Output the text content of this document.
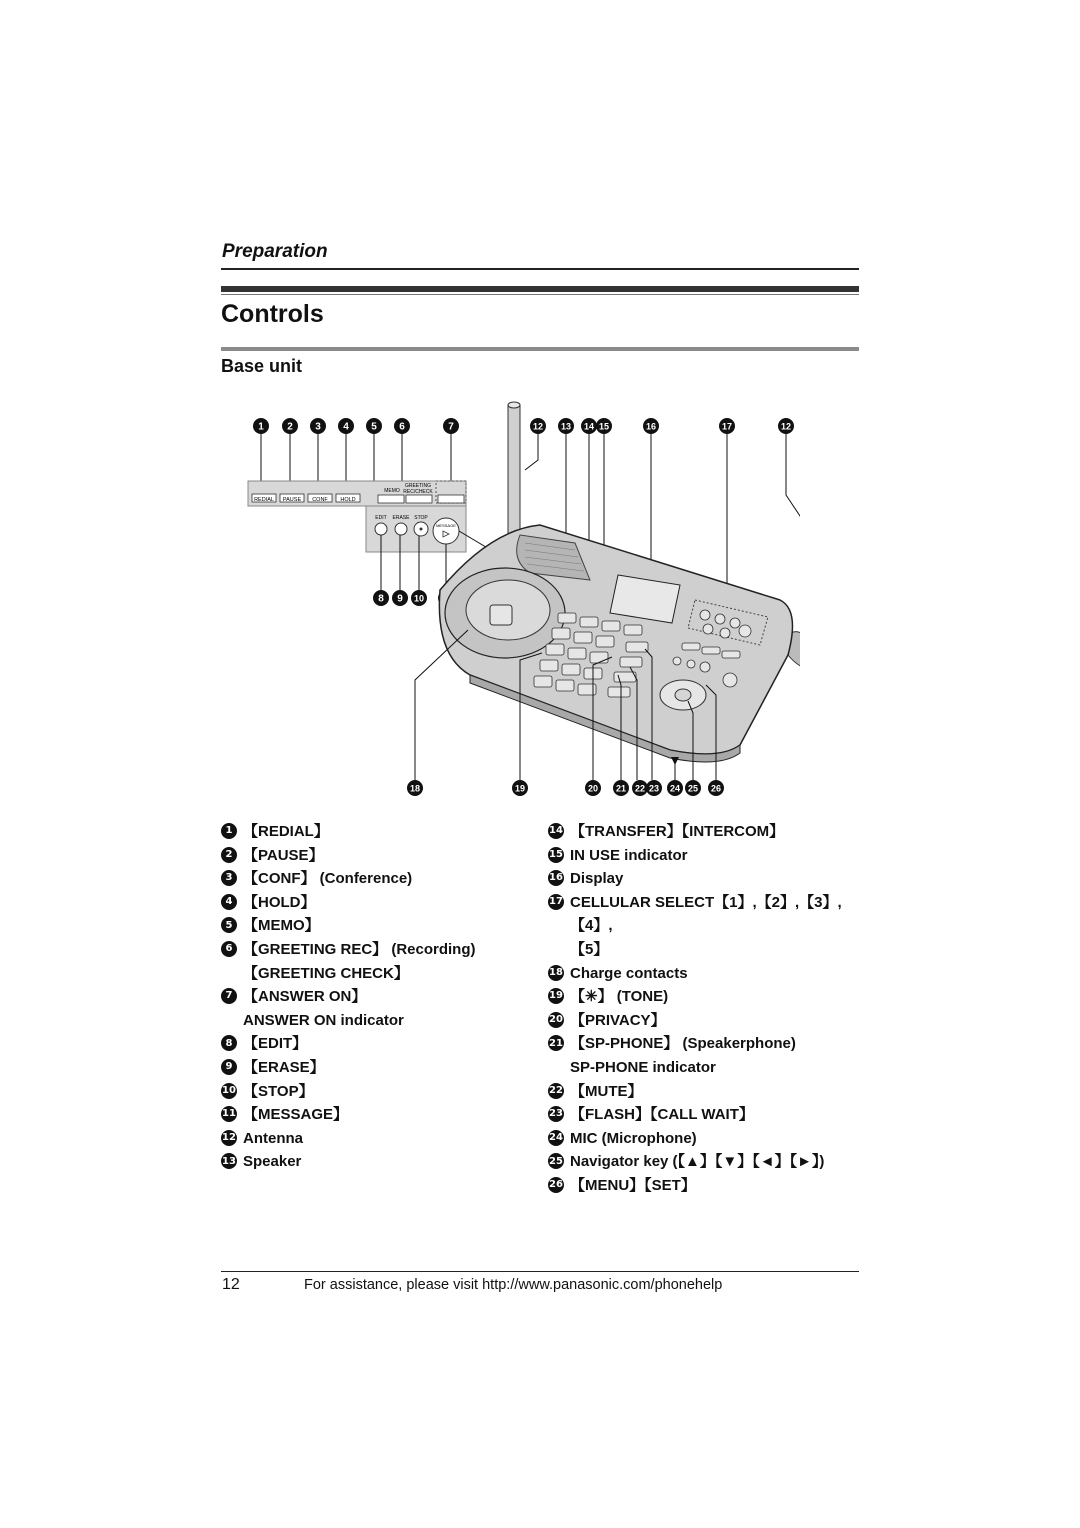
Preparation
Controls
Base unit
1 2 3 4 5 6	7	12 13 14 15	16	17	12
REDIAL PAUSE CONF HOLD
MEMO
GREETING
REC/CHECK
EDIT ERASE STOP
MESSAGE
8 9 10
18	19	20 21 22 23 24 25 26
1 【REDIAL】
2 【PAUSE】
3 【CONF】 (Conference)
4 【HOLD】
5 【MEMO】
6 【GREETING REC】 (Recording)
【GREETING CHECK】
7 【ANSWER ON】
ANSWER ON indicator
8 【EDIT】
9 【ERASE】
10 【STOP】
11 【MESSAGE】
12 Antenna
13 Speaker
14 【TRANSFER】【INTERCOM】
15 IN USE indicator
16 Display
17 CELLULAR SELECT【1】,【2】,【3】,【4】,
【5】
18 Charge contacts
19 【✳】 (TONE)
20 【PRIVACY】
21 【SP-PHONE】 (Speakerphone)
SP-PHONE indicator
22 【MUTE】
23 【FLASH】【CALL WAIT】
24 MIC (Microphone)
25 Navigator key (【▲】【▼】【◄】【►】)
26 【MENU】【SET】
12	For assistance, please visit http://www.panasonic.com/phonehelp
